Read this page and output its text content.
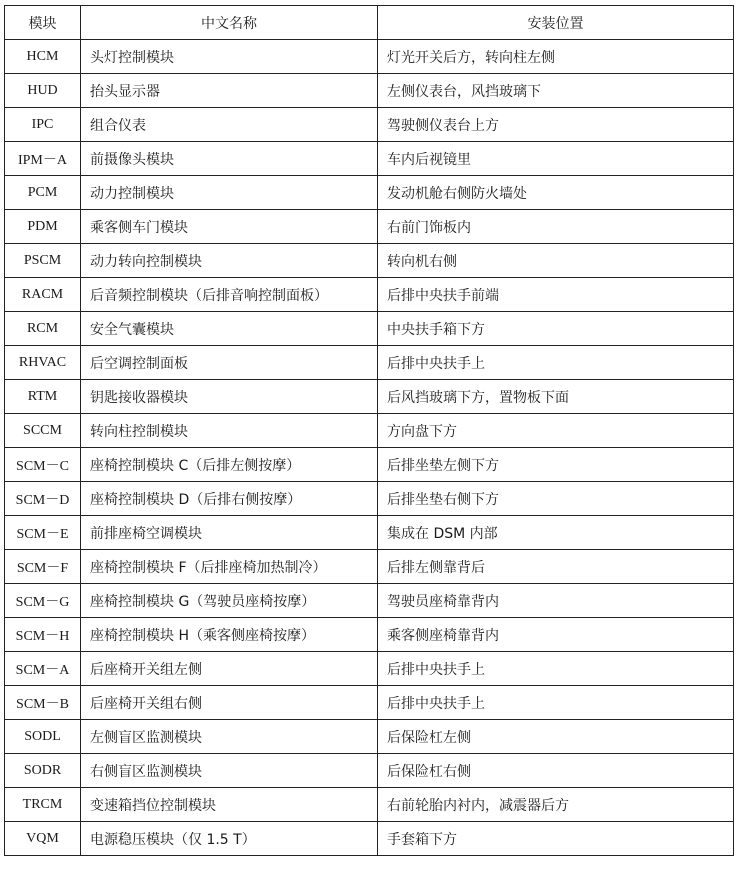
模块	中文名称	安装位置
HCM	头灯控制模块	灯光开关后方，转向柱左侧
HUD	抬头显示器	左侧仪表台，风挡玻璃下
IPC	组合仪表	驾驶侧仪表台上方
IPM－A	前摄像头模块	车内后视镜里
PCM	动力控制模块	发动机舱右侧防火墙处
PDM	乘客侧车门模块	右前门饰板内
PSCM	动力转向控制模块	转向机右侧
RACM	后音频控制模块（后排音响控制面板）	后排中央扶手前端
RCM	安全气囊模块	中央扶手箱下方
RHVAC	后空调控制面板	后排中央扶手上
RTM	钥匙接收器模块	后风挡玻璃下方，置物板下面
SCCM	转向柱控制模块	方向盘下方
SCM－C	座椅控制模块 C（后排左侧按摩）	后排坐垫左侧下方
SCM－D	座椅控制模块 D（后排右侧按摩）	后排坐垫右侧下方
SCM－E	前排座椅空调模块	集成在 DSM 内部
SCM－F	座椅控制模块 F（后排座椅加热制冷）	后排左侧靠背后
SCM－G	座椅控制模块 G（驾驶员座椅按摩）	驾驶员座椅靠背内
SCM－H	座椅控制模块 H（乘客侧座椅按摩）	乘客侧座椅靠背内
SCM－A	后座椅开关组左侧	后排中央扶手上
SCM－B	后座椅开关组右侧	后排中央扶手上
SODL	左侧盲区监测模块	后保险杠左侧
SODR	右侧盲区监测模块	后保险杠右侧
TRCM	变速箱挡位控制模块	右前轮胎内衬内，减震器后方
VQM	电源稳压模块（仅 1.5 T）	手套箱下方
